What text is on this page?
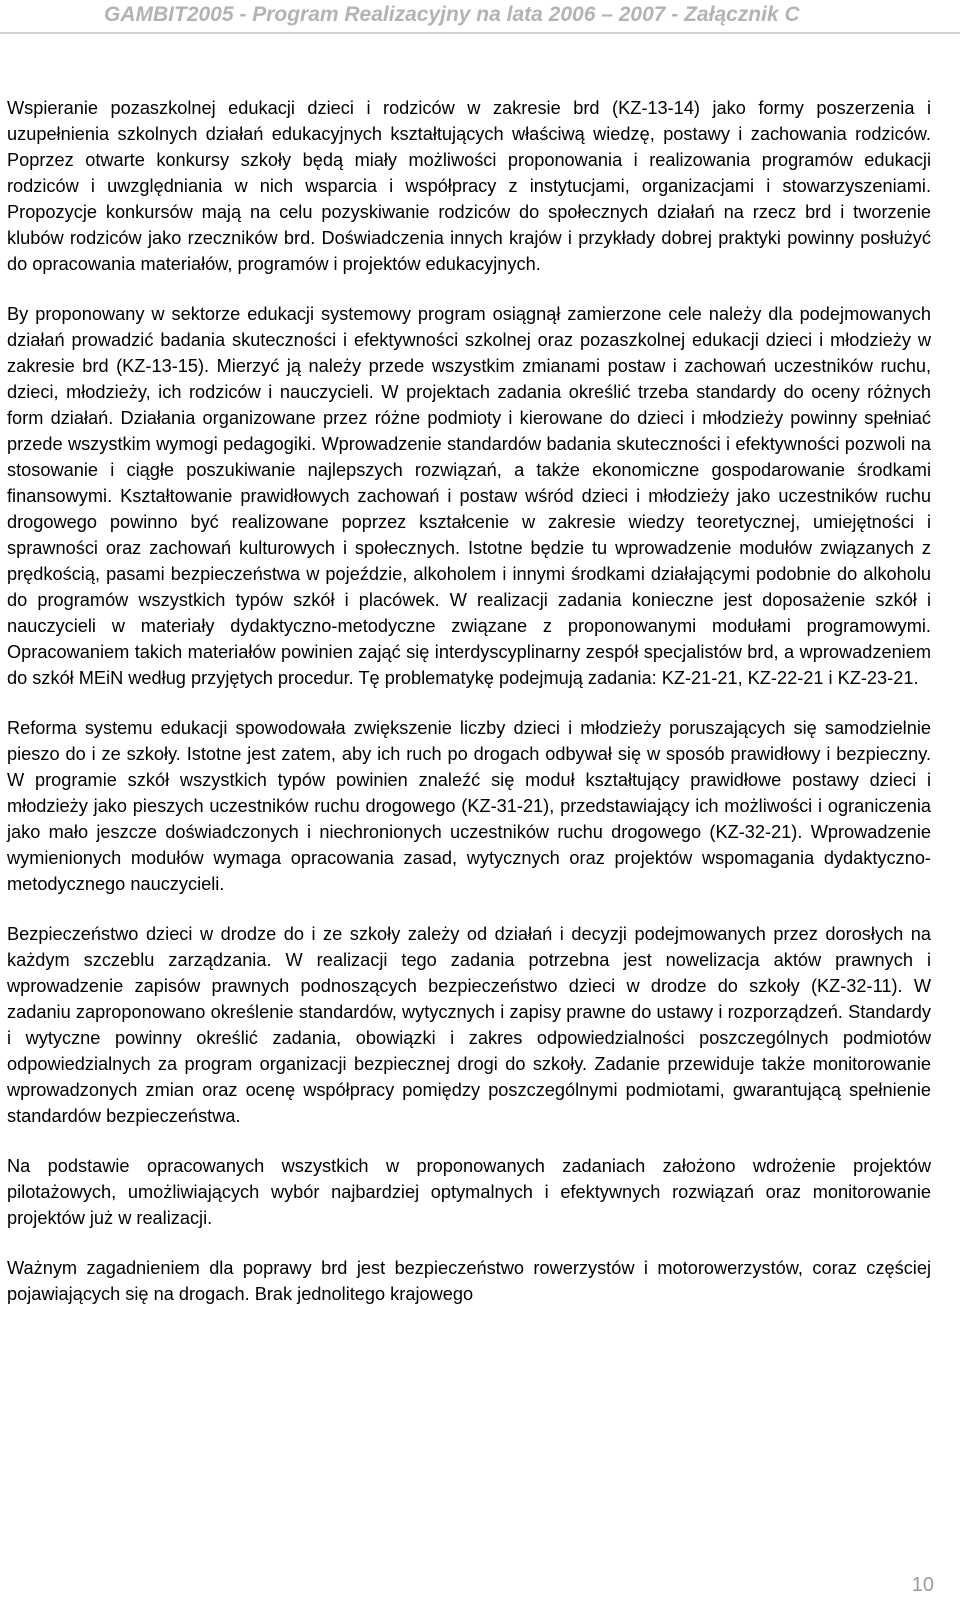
GAMBIT2005 - Program Realizacyjny na lata 2006 – 2007 - Załącznik C

Wspieranie pozaszkolnej edukacji dzieci i rodziców w zakresie brd (KZ-13-14) jako formy poszerzenia i uzupełnienia szkolnych działań edukacyjnych kształtujących właściwą wiedzę, postawy i zachowania rodziców. Poprzez otwarte konkursy szkoły będą miały możliwości proponowania i realizowania programów edukacji rodziców i uwzględniania w nich wsparcia i współpracy z instytucjami, organizacjami i stowarzyszeniami. Propozycje konkursów mają na celu pozyskiwanie rodziców do społecznych działań na rzecz brd i tworzenie klubów rodziców jako rzeczników brd. Doświadczenia innych krajów i przykłady dobrej praktyki powinny posłużyć do opracowania materiałów, programów i projektów edukacyjnych.

By proponowany w sektorze edukacji systemowy program osiągnął zamierzone cele należy dla podejmowanych działań prowadzić badania skuteczności i efektywności szkolnej oraz pozaszkolnej edukacji dzieci i młodzieży w zakresie brd (KZ-13-15). Mierzyć ją należy przede wszystkim zmianami postaw i zachowań uczestników ruchu, dzieci, młodzieży, ich rodziców i nauczycieli. W projektach zadania określić trzeba standardy do oceny różnych form działań. Działania organizowane przez różne podmioty i kierowane do dzieci i młodzieży powinny spełniać przede wszystkim wymogi pedagogiki. Wprowadzenie standardów badania skuteczności i efektywności pozwoli na stosowanie i ciągłe poszukiwanie najlepszych rozwiązań, a także ekonomiczne gospodarowanie środkami finansowymi. Kształtowanie prawidłowych zachowań i postaw wśród dzieci i młodzieży jako uczestników ruchu drogowego powinno być realizowane poprzez kształcenie w zakresie wiedzy teoretycznej, umiejętności i sprawności oraz zachowań kulturowych i społecznych. Istotne będzie tu wprowadzenie modułów związanych z prędkością, pasami bezpieczeństwa w pojeździe, alkoholem i innymi środkami działającymi podobnie do alkoholu do programów wszystkich typów szkół i placówek. W realizacji zadania konieczne jest doposażenie szkół i nauczycieli w materiały dydaktyczno-metodyczne związane z proponowanymi modułami programowymi. Opracowaniem takich materiałów powinien zająć się interdyscyplinarny zespół specjalistów brd, a wprowadzeniem do szkół MEiN według przyjętych procedur. Tę problematykę podejmują zadania: KZ-21-21, KZ-22-21 i KZ-23-21.

Reforma systemu edukacji spowodowała zwiększenie liczby dzieci i młodzieży poruszających się samodzielnie pieszo do i ze szkoły. Istotne jest zatem, aby ich ruch po drogach odbywał się w sposób prawidłowy i bezpieczny. W programie szkół wszystkich typów powinien znaleźć się moduł kształtujący prawidłowe postawy dzieci i młodzieży jako pieszych uczestników ruchu drogowego (KZ-31-21), przedstawiający ich możliwości i ograniczenia jako mało jeszcze doświadczonych i niechronionych uczestników ruchu drogowego (KZ-32-21). Wprowadzenie wymienionych modułów wymaga opracowania zasad, wytycznych oraz projektów wspomagania dydaktyczno-metodycznego nauczycieli.

Bezpieczeństwo dzieci w drodze do i ze szkoły zależy od działań i decyzji podejmowanych przez dorosłych na każdym szczeblu zarządzania. W realizacji tego zadania potrzebna jest nowelizacja aktów prawnych i wprowadzenie zapisów prawnych podnoszących bezpieczeństwo dzieci w drodze do szkoły (KZ-32-11). W zadaniu zaproponowano określenie standardów, wytycznych i zapisy prawne do ustawy i rozporządzeń. Standardy i wytyczne powinny określić zadania, obowiązki i zakres odpowiedzialności poszczególnych podmiotów odpowiedzialnych za program organizacji bezpiecznej drogi do szkoły. Zadanie przewiduje także monitorowanie wprowadzonych zmian oraz ocenę współpracy pomiędzy poszczególnymi podmiotami, gwarantującą spełnienie standardów bezpieczeństwa.

Na podstawie opracowanych wszystkich w proponowanych zadaniach założono wdrożenie projektów pilotażowych, umożliwiających wybór najbardziej optymalnych i efektywnych rozwiązań oraz monitorowanie projektów już w realizacji.

Ważnym zagadnieniem dla poprawy brd jest bezpieczeństwo rowerzystów i motorowerzystów, coraz częściej pojawiających się na drogach. Brak jednolitego krajowego

10
